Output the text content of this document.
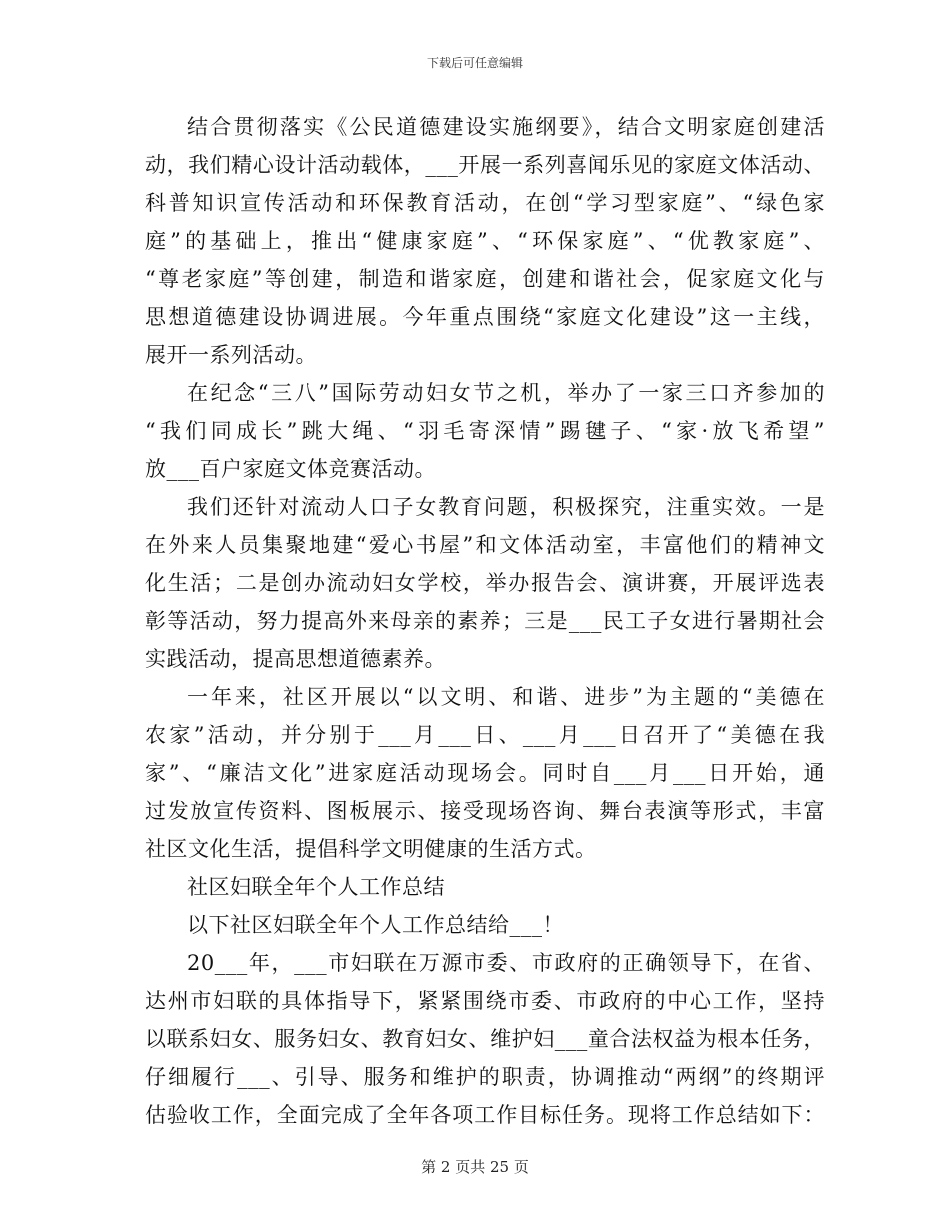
下载后可任意编辑
结合贯彻落实《公民道德建设实施纲要》，结合文明家庭创建活
动，我们精心设计活动载体，___开展一系列喜闻乐见的家庭文体活动、
科普知识宣传活动和环保教育活动，在创“学习型家庭”、“绿色家
庭”的基础上，推出“健康家庭”、“环保家庭”、“优教家庭”、
“尊老家庭”等创建，制造和谐家庭，创建和谐社会，促家庭文化与
思想道德建设协调进展。今年重点围绕“家庭文化建设”这一主线，
展开一系列活动。
在纪念“三八”国际劳动妇女节之机，举办了一家三口齐参加的
“我们同成长”跳大绳、“羽毛寄深情”踢毽子、“家·放飞希望”
放___百户家庭文体竞赛活动。
我们还针对流动人口子女教育问题，积极探究，注重实效。一是
在外来人员集聚地建“爱心书屋”和文体活动室，丰富他们的精神文
化生活；二是创办流动妇女学校，举办报告会、演讲赛，开展评选表
彰等活动，努力提高外来母亲的素养；三是___民工子女进行暑期社会
实践活动，提高思想道德素养。
一年来，社区开展以“以文明、和谐、进步”为主题的“美德在
农家”活动，并分别于___月___日、___月___日召开了“美德在我
家”、“廉洁文化”进家庭活动现场会。同时自___月___日开始，通
过发放宣传资料、图板展示、接受现场咨询、舞台表演等形式，丰富
社区文化生活，提倡科学文明健康的生活方式。
社区妇联全年个人工作总结
以下社区妇联全年个人工作总结给___！
20___年，___市妇联在万源市委、市政府的正确领导下，在省、
达州市妇联的具体指导下，紧紧围绕市委、市政府的中心工作，坚持
以联系妇女、服务妇女、教育妇女、维护妇___童合法权益为根本任务，
仔细履行___、引导、服务和维护的职责，协调推动“两纲”的终期评
估验收工作，全面完成了全年各项工作目标任务。现将工作总结如下：
第 2 页共 25 页
